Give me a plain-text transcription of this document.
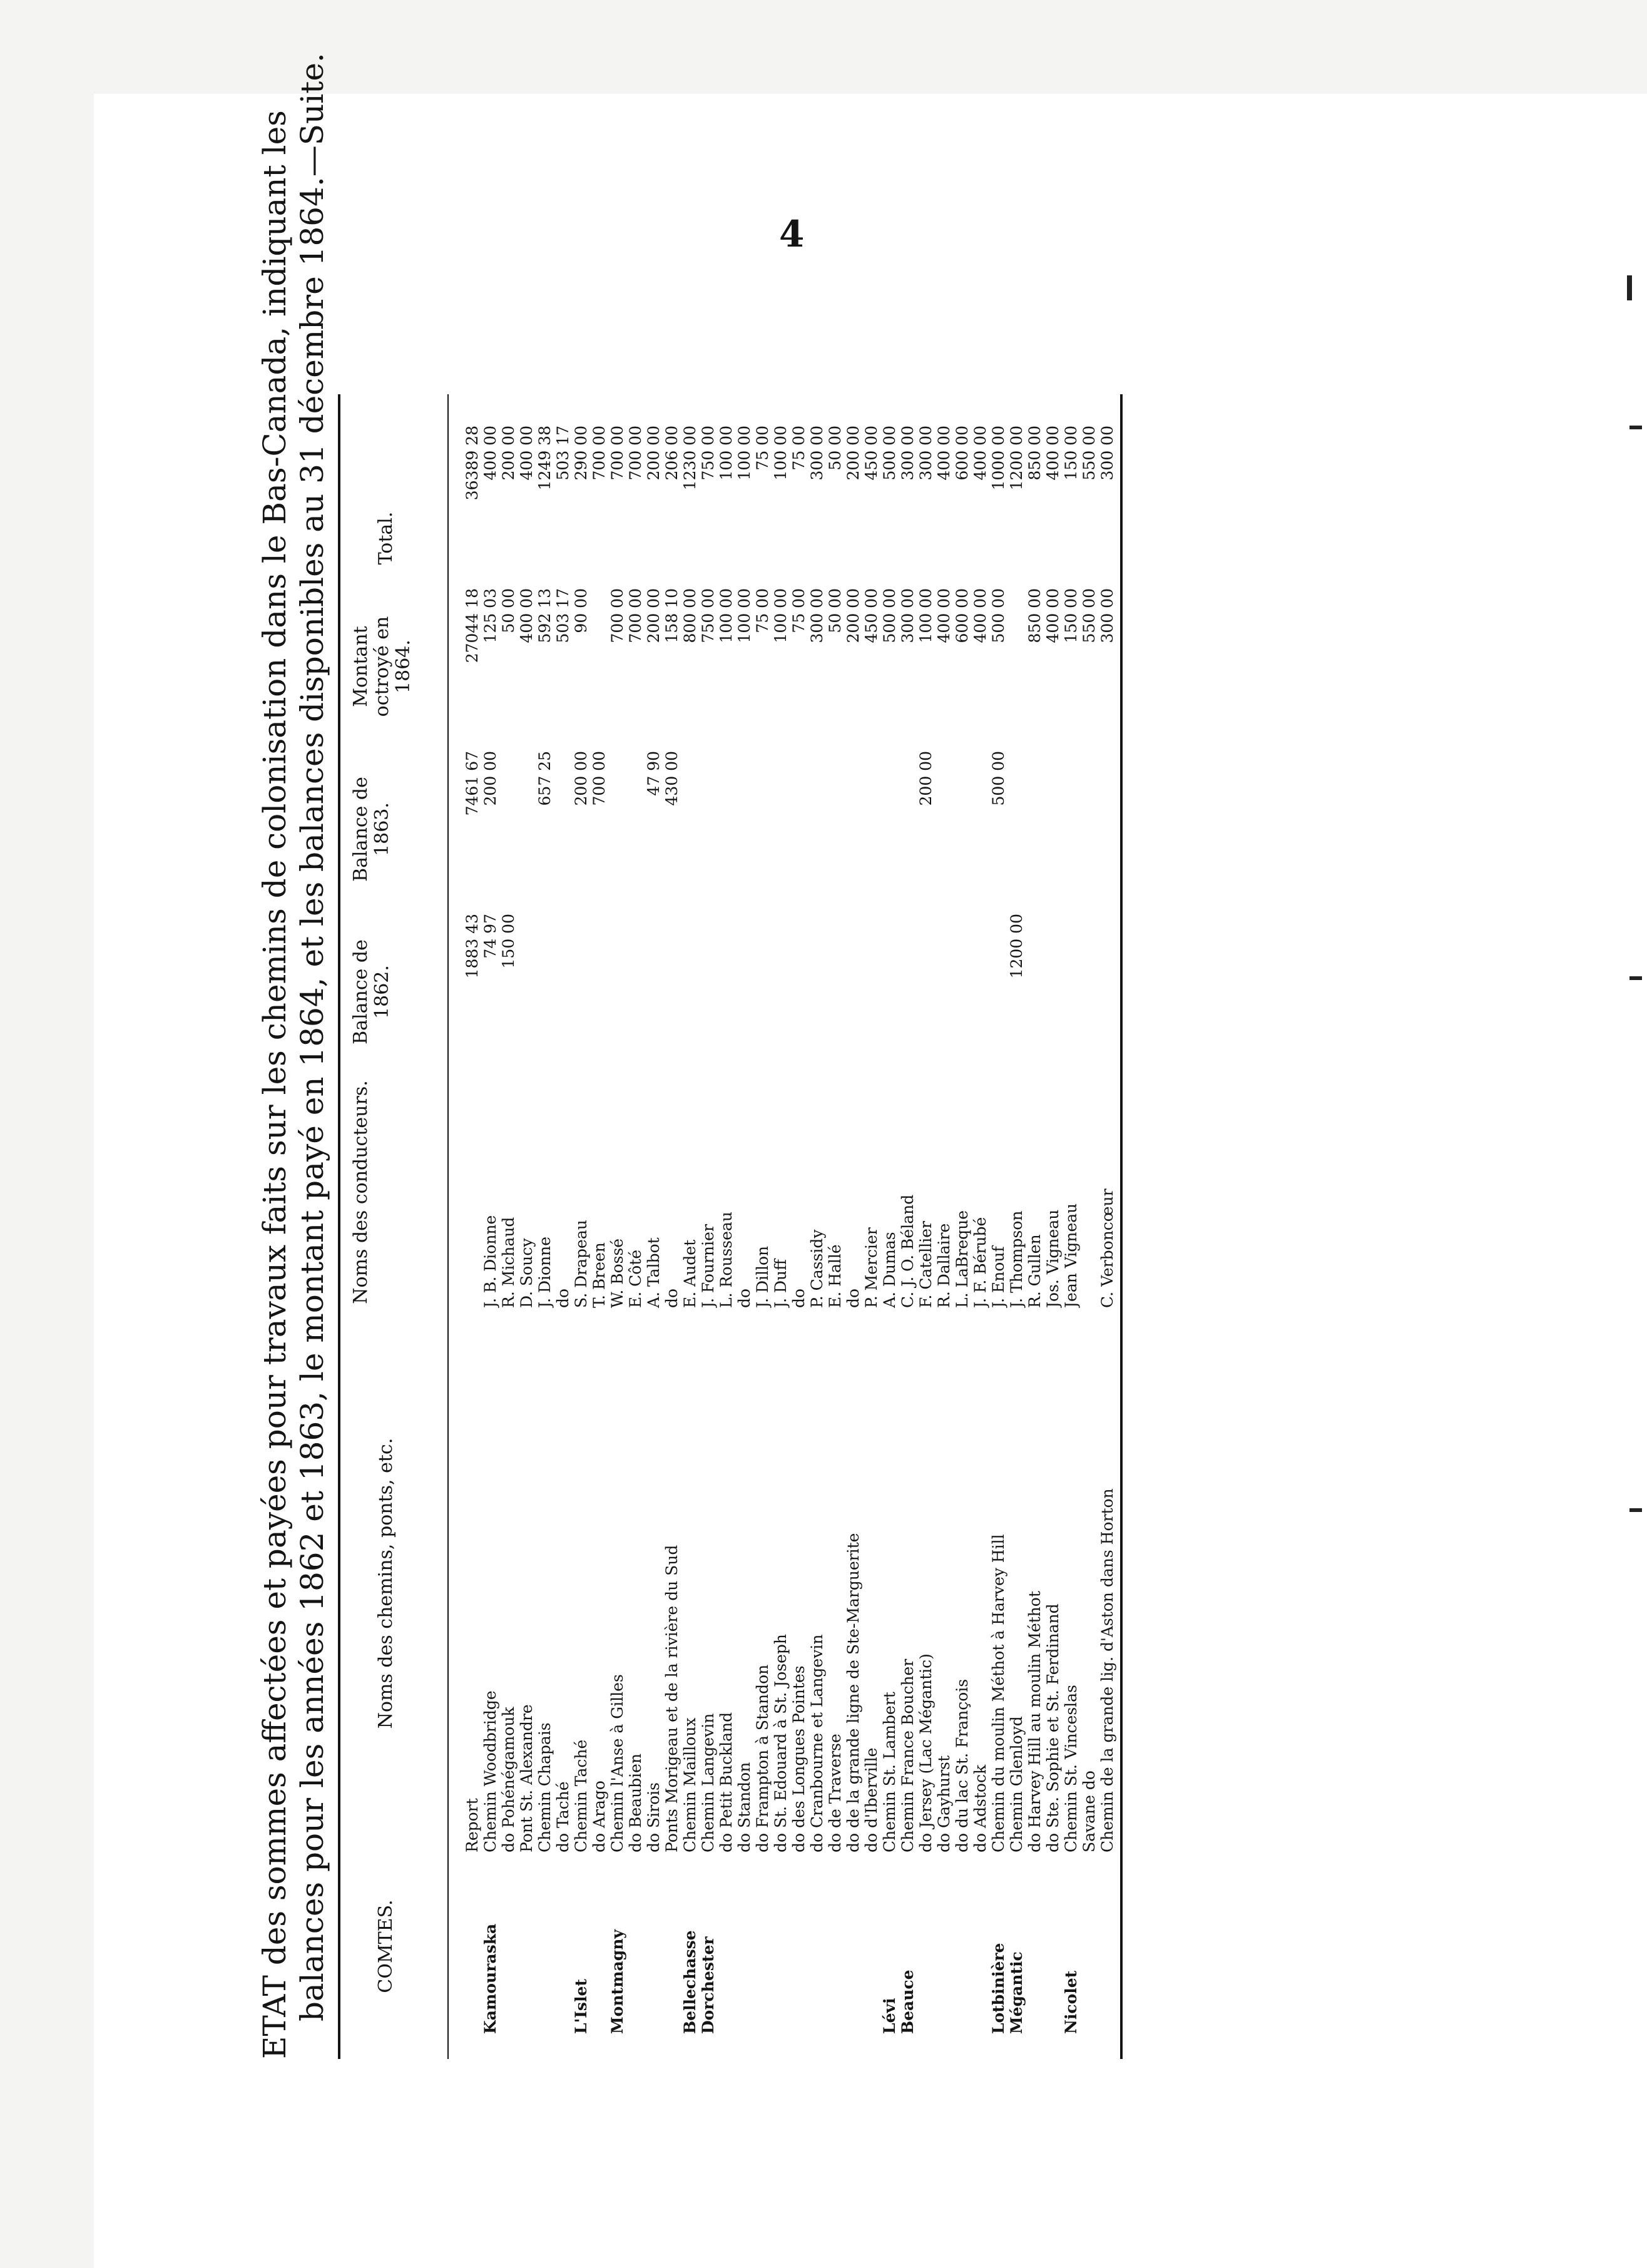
4
ETAT des sommes affectées et payées pour travaux faits sur les chemins de colonisation dans le Bas-Canada, indiquant les balances pour les années 1862 et 1863, le montant payé en 1864, et les balances disponibles au 31 décembre 1864.—Suite.
COMTES.
Noms des chemins, ponts, etc.
Noms des conducteurs.
Balance de 1862.
Balance de 1863.
Montant octroyé en 1864.
Total.
Report
1883 43
7461 67
27044 18
36389 28
Kamouraska
Chemin Woodbridge
J. B. Dionne
74 97
200 00
125 03
400 00
do Pohénégamouk
R. Michaud
150 00
50 00
200 00
Pont St. Alexandre
D. Soucy
400 00
400 00
Chemin Chapais
J. Dionne
657 25
592 13
1249 38
do Taché
do
503 17
503 17
L'Islet
Chemin Taché
S. Drapeau
200 00
90 00
290 00
do Arago
T. Breen
700 00
700 00
Montmagny
Chemin l'Anse à Gilles
W. Bossé
700 00
700 00
do Beaubien
E. Côté
700 00
700 00
do Sirois
A. Talbot
47 90
200 00
200 00
Ponts Morigeau et de la rivière du Sud
do
430 00
158 10
206 00
Bellechasse
Chemin Mailloux
E. Audet
800 00
1230 00
Dorchester
Chemin Langevin
J. Fournier
750 00
750 00
do Petit Buckland
L. Rousseau
100 00
100 00
do Standon
do
100 00
100 00
do Frampton à Standon
J. Dillon
75 00
75 00
do St. Edouard à St. Joseph
J. Duff
100 00
100 00
do des Longues Pointes
do
75 00
75 00
do Cranbourne et Langevin
P. Cassidy
300 00
300 00
do de Traverse
E. Hallé
50 00
50 00
do de la grande ligne de Ste-Marguerite
do
200 00
200 00
do d'Iberville
P. Mercier
450 00
450 00
Lévi
Chemin St. Lambert
A. Dumas
500 00
500 00
Beauce
Chemin France Boucher
C. J. O. Béland
300 00
300 00
do Jersey (Lac Mégantic)
F. Catellier
200 00
100 00
300 00
do Gayhurst
R. Dallaire
400 00
400 00
do du lac St. François
L. LaBreque
600 00
600 00
do Adstock
J. F. Bérubé
400 00
400 00
Lotbinière
Chemin du moulin Méthot à Harvey Hill
J. Enouf
500 00
500 00
1000 00
Mégantic
Chemin Glenloyd
J. Thompson
1200 00
1200 00
do Harvey Hill au moulin Méthot
R. Gullen
850 00
850 00
do Ste. Sophie et St. Ferdinand
Jos. Vigneau
400 00
400 00
Nicolet
Chemin St. Vinceslas
Jean Vigneau
150 00
150 00
Savane do
550 00
550 00
Chemin de la grande lig. d'Aston dans Horton
C. Verboncœur
300 00
300 00
